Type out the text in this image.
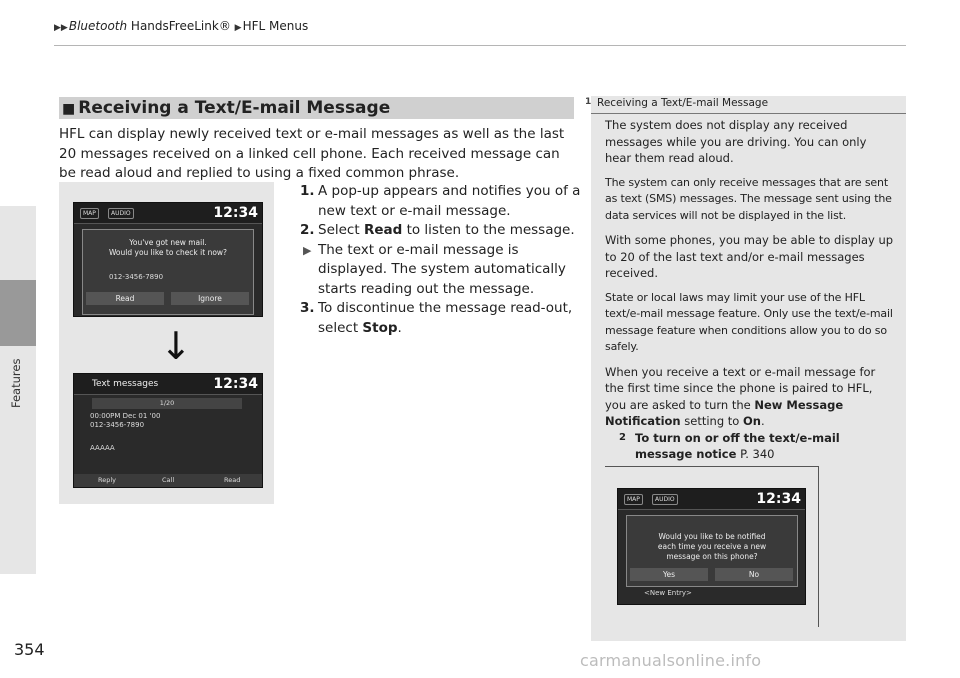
▶▶Bluetooth HandsFreeLink® ▶HFL Menus
Features
354
■ Receiving a Text/E-mail Message
HFL can display newly received text or e-mail messages as well as the last 20 messages received on a linked cell phone. Each received message can be read aloud and replied to using a fixed common phrase.
1. A pop-up appears and notifies you of a new text or e-mail message.
2. Select Read to listen to the message.
▶ The text or e-mail message is displayed. The system automatically starts reading out the message.
3. To discontinue the message read-out, select Stop.
MAP	AUDIO	12:34
You've got new mail.
Would you like to check it now?
012-3456-7890
Read	Ignore
↓
Text messages	12:34
1/20
00:00PM Dec 01 '00
012-3456-7890
AAAAA
Reply	Call	Read
1 Receiving a Text/E-mail Message

The system does not display any received messages while you are driving. You can only hear them read aloud.

The system can only receive messages that are sent as text (SMS) messages. The message sent using the data services will not be displayed in the list.

With some phones, you may be able to display up to 20 of the last text and/or e-mail messages received.

State or local laws may limit your use of the HFL text/e-mail message feature. Only use the text/e-mail message feature when conditions allow you to do so safely.

When you receive a text or e-mail message for the first time since the phone is paired to HFL, you are asked to turn the New Message Notification setting to On.

2 To turn on or off the text/e-mail message notice P. 340
MAP	AUDIO	12:34
Would you like to be notified
each time you receive a new
message on this phone?
Yes	No
<New Entry>
carmanualsonline.info
